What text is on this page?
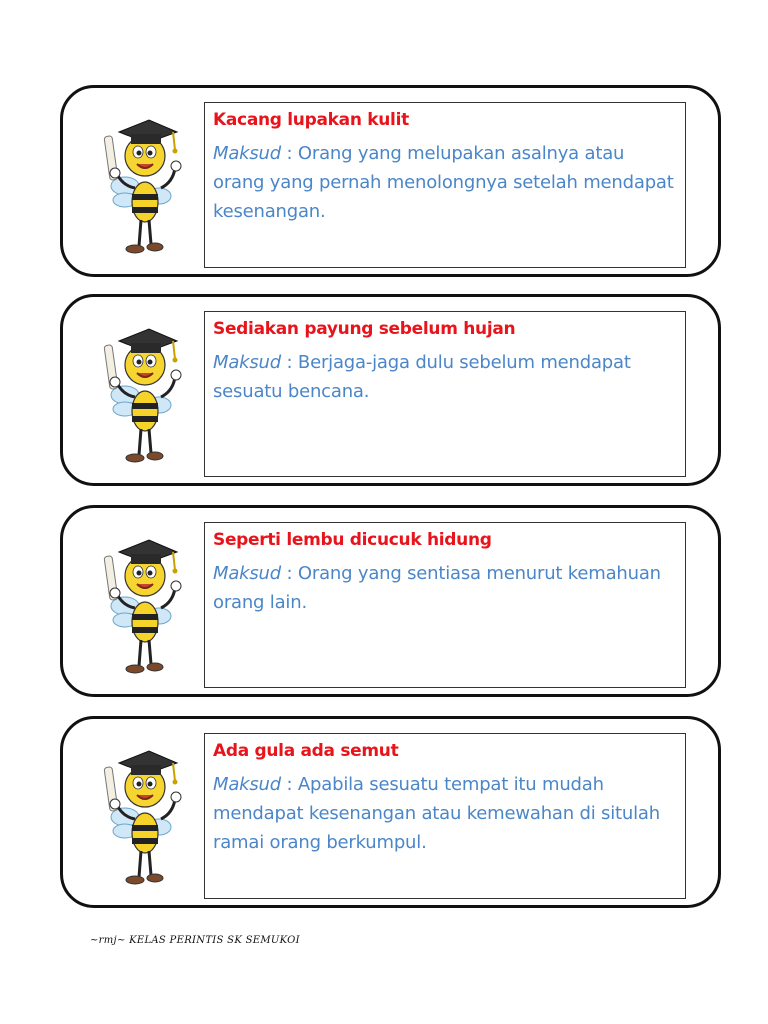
Kacang lupakan kulit

Maksud : Orang yang melupakan asalnya atau orang yang pernah menolongnya setelah mendapat kesenangan.

Sediakan payung sebelum hujan

Maksud : Berjaga-jaga dulu sebelum mendapat sesuatu bencana.

Seperti lembu dicucuk hidung

Maksud : Orang yang sentiasa menurut kemahuan orang lain.

Ada gula ada semut

Maksud : Apabila sesuatu tempat itu mudah mendapat kesenangan atau kemewahan di situlah ramai orang berkumpul.

~rmj~ KELAS PERINTIS SK SEMUKOI
